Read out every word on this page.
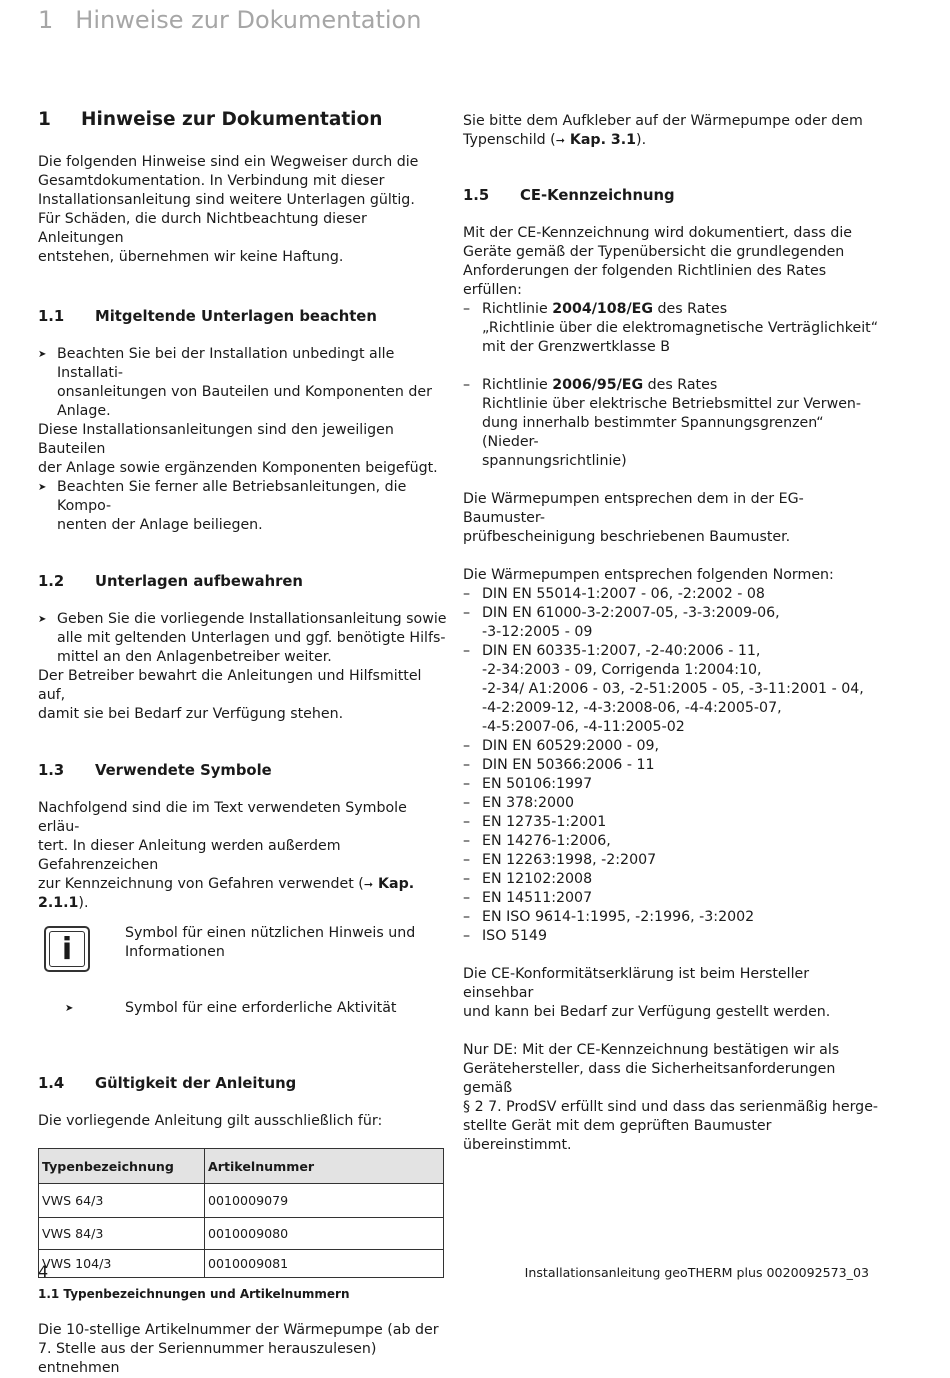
1 Hinweise zur Dokumentation
1 Hinweise zur Dokumentation

Die folgenden Hinweise sind ein Wegweiser durch die
Gesamtdokumentation. In Verbindung mit dieser
Installationsanleitung sind weitere Unterlagen gültig.
Für Schäden, die durch Nichtbeachtung dieser Anleitungen
entstehen, übernehmen wir keine Haftung.

1.1 Mitgeltende Unterlagen beachten
➤ Beachten Sie bei der Installation unbedingt alle Installati-
onsanleitungen von Bauteilen und Komponenten der
Anlage.

Diese Installationsanleitungen sind den jeweiligen Bauteilen
der Anlage sowie ergänzenden Komponenten beigefügt.

➤ Beachten Sie ferner alle Betriebsanleitungen, die Kompo-
nenten der Anlage beiliegen.
1.2 Unterlagen aufbewahren
➤ Geben Sie die vorliegende Installationsanleitung sowie
alle mit geltenden Unterlagen und ggf. benötigte Hilfs-
mittel an den Anlagenbetreiber weiter.

Der Betreiber bewahrt die Anleitungen und Hilfsmittel auf,
damit sie bei Bedarf zur Verfügung stehen.

1.3 Verwendete Symbole

Nachfolgend sind die im Text verwendeten Symbole erläu-
tert. In dieser Anleitung werden außerdem Gefahrenzeichen
zur Kennzeichnung von Gefahren verwendet (➞ Kap. 2.1.1).

i	Symbol für einen nützlichen Hinweis und
Informationen

➤	Symbol für eine erforderliche Aktivität

1.4 Gültigkeit der Anleitung

Die vorliegende Anleitung gilt ausschließlich für:

Typenbezeichnung	Artikelnummer
VWS 64/3	0010009079
VWS 84/3	0010009080
VWS 104/3	0010009081
1.1 Typenbezeichnungen und Artikelnummern

Die 10-stellige Artikelnummer der Wärmepumpe (ab der
7. Stelle aus der Seriennummer herauszulesen) entnehmen

Sie bitte dem Aufkleber auf der Wärmepumpe oder dem
Typenschild (➞ Kap. 3.1).

1.5 CE-Kennzeichnung

Mit der CE-Kennzeichnung wird dokumentiert, dass die
Geräte gemäß der Typenübersicht die grundlegenden
Anforderungen der folgenden Richtlinien des Rates erfüllen:

– Richtlinie 2004/108/EG des Rates
„Richtlinie über die elektromagnetische Verträglichkeit“
mit der Grenzwertklasse B
– Richtlinie 2006/95/EG des Rates
Richtlinie über elektrische Betriebsmittel zur Verwen-
dung innerhalb bestimmter Spannungsgrenzen“ (Nieder-
spannungsrichtlinie)

Die Wärmepumpen entsprechen dem in der EG-Baumuster-
prüfbescheinigung beschriebenen Baumuster.

Die Wärmepumpen entsprechen folgenden Normen:

– DIN EN 55014-1:2007 - 06, -2:2002 - 08
– DIN EN 61000-3-2:2007-05, -3-3:2009-06,
-3-12:2005 - 09
– DIN EN 60335-1:2007, -2-40:2006 - 11,
-2-34:2003 - 09, Corrigenda 1:2004:10,
-2-34/ A1:2006 - 03, -2-51:2005 - 05, -3-11:2001 - 04,
-4-2:2009-12, -4-3:2008-06, -4-4:2005-07,
-4-5:2007-06, -4-11:2005-02
– DIN EN 60529:2000 - 09,
– DIN EN 50366:2006 - 11
– EN 50106:1997
– EN 378:2000
– EN 12735-1:2001
– EN 14276-1:2006,
– EN 12263:1998, -2:2007
– EN 12102:2008
– EN 14511:2007
– EN ISO 9614-1:1995, -2:1996, -3:2002
– ISO 5149

Die CE-Konformitätserklärung ist beim Hersteller einsehbar
und kann bei Bedarf zur Verfügung gestellt werden.

Nur DE: Mit der CE-Kennzeichnung bestätigen wir als
Gerätehersteller, dass die Sicherheitsanforderungen gemäß
§ 2 7. ProdSV erfüllt sind und dass das serienmäßig herge-
stellte Gerät mit dem geprüften Baumuster übereinstimmt.

4	Installationsanleitung geoTHERM plus 0020092573_03
